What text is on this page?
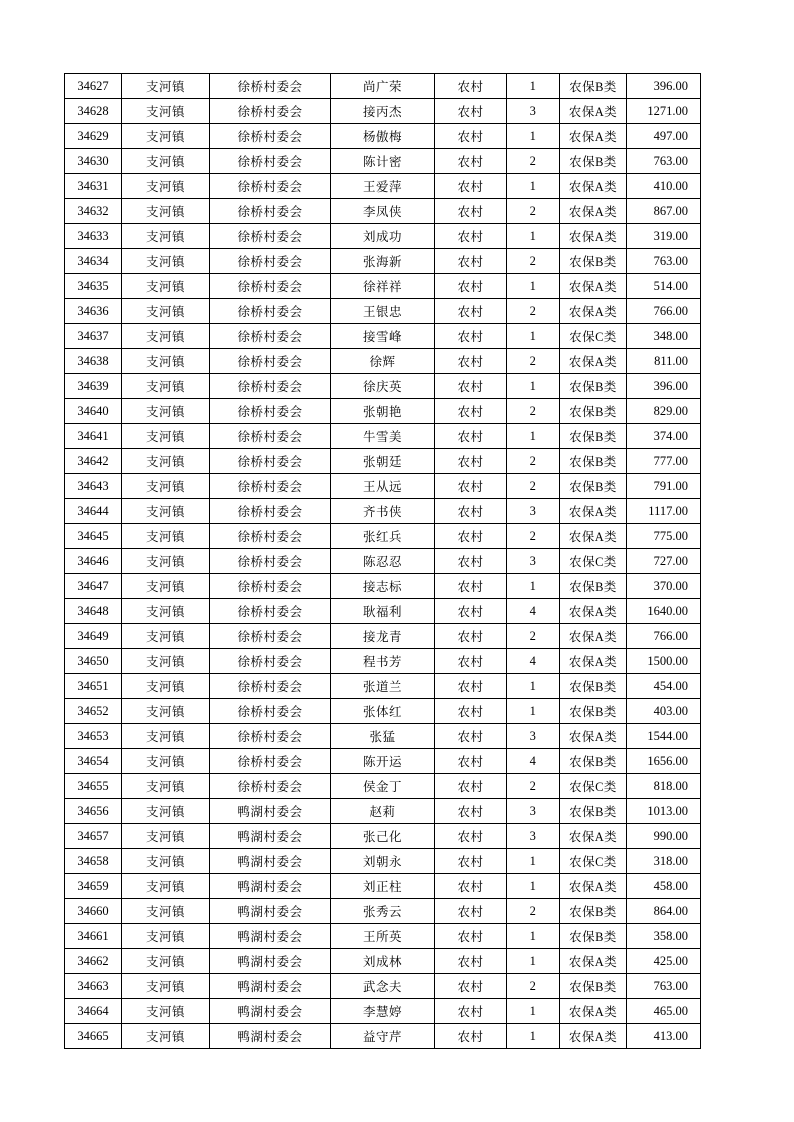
34627	支河镇	徐桥村委会	尚广荣	农村	1	农保B类	396.00
34628	支河镇	徐桥村委会	接丙杰	农村	3	农保A类	1271.00
34629	支河镇	徐桥村委会	杨傲梅	农村	1	农保A类	497.00
34630	支河镇	徐桥村委会	陈计密	农村	2	农保B类	763.00
34631	支河镇	徐桥村委会	王爱萍	农村	1	农保A类	410.00
34632	支河镇	徐桥村委会	李凤侠	农村	2	农保A类	867.00
34633	支河镇	徐桥村委会	刘成功	农村	1	农保A类	319.00
34634	支河镇	徐桥村委会	张海新	农村	2	农保B类	763.00
34635	支河镇	徐桥村委会	徐祥祥	农村	1	农保A类	514.00
34636	支河镇	徐桥村委会	王银忠	农村	2	农保A类	766.00
34637	支河镇	徐桥村委会	接雪峰	农村	1	农保C类	348.00
34638	支河镇	徐桥村委会	徐辉	农村	2	农保A类	811.00
34639	支河镇	徐桥村委会	徐庆英	农村	1	农保B类	396.00
34640	支河镇	徐桥村委会	张朝艳	农村	2	农保B类	829.00
34641	支河镇	徐桥村委会	牛雪美	农村	1	农保B类	374.00
34642	支河镇	徐桥村委会	张朝廷	农村	2	农保B类	777.00
34643	支河镇	徐桥村委会	王从远	农村	2	农保B类	791.00
34644	支河镇	徐桥村委会	齐书侠	农村	3	农保A类	1117.00
34645	支河镇	徐桥村委会	张红兵	农村	2	农保A类	775.00
34646	支河镇	徐桥村委会	陈忍忍	农村	3	农保C类	727.00
34647	支河镇	徐桥村委会	接志标	农村	1	农保B类	370.00
34648	支河镇	徐桥村委会	耿福利	农村	4	农保A类	1640.00
34649	支河镇	徐桥村委会	接龙青	农村	2	农保A类	766.00
34650	支河镇	徐桥村委会	程书芳	农村	4	农保A类	1500.00
34651	支河镇	徐桥村委会	张道兰	农村	1	农保B类	454.00
34652	支河镇	徐桥村委会	张体红	农村	1	农保B类	403.00
34653	支河镇	徐桥村委会	张猛	农村	3	农保A类	1544.00
34654	支河镇	徐桥村委会	陈开运	农村	4	农保B类	1656.00
34655	支河镇	徐桥村委会	侯金丁	农村	2	农保C类	818.00
34656	支河镇	鸭湖村委会	赵莉	农村	3	农保B类	1013.00
34657	支河镇	鸭湖村委会	张己化	农村	3	农保A类	990.00
34658	支河镇	鸭湖村委会	刘朝永	农村	1	农保C类	318.00
34659	支河镇	鸭湖村委会	刘正柱	农村	1	农保A类	458.00
34660	支河镇	鸭湖村委会	张秀云	农村	2	农保B类	864.00
34661	支河镇	鸭湖村委会	王所英	农村	1	农保B类	358.00
34662	支河镇	鸭湖村委会	刘成林	农村	1	农保A类	425.00
34663	支河镇	鸭湖村委会	武念夫	农村	2	农保B类	763.00
34664	支河镇	鸭湖村委会	李慧婷	农村	1	农保A类	465.00
34665	支河镇	鸭湖村委会	益守芹	农村	1	农保A类	413.00
